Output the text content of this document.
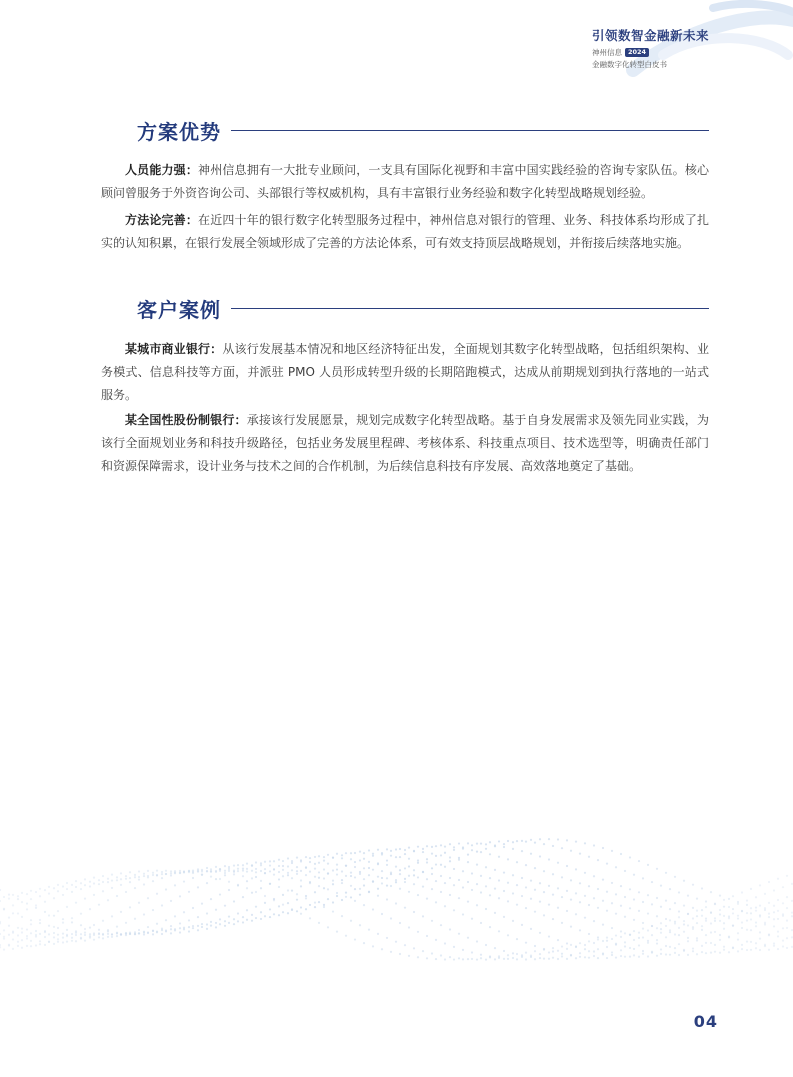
引领数智金融新未来
神州信息 2024
金融数字化转型白皮书
方案优势

人员能力强：神州信息拥有一大批专业顾问，一支具有国际化视野和丰富中国实践经验的咨询专家队伍。核心顾问曾服务于外资咨询公司、头部银行等权威机构，具有丰富银行业务经验和数字化转型战略规划经验。

方法论完善：在近四十年的银行数字化转型服务过程中，神州信息对银行的管理、业务、科技体系均形成了扎实的认知积累，在银行发展全领域形成了完善的方法论体系，可有效支持顶层战略规划，并衔接后续落地实施。

客户案例

某城市商业银行：从该行发展基本情况和地区经济特征出发，全面规划其数字化转型战略，包括组织架构、业务模式、信息科技等方面，并派驻 PMO 人员形成转型升级的长期陪跑模式，达成从前期规划到执行落地的一站式服务。

某全国性股份制银行：承接该行发展愿景，规划完成数字化转型战略。基于自身发展需求及领先同业实践，为该行全面规划业务和科技升级路径，包括业务发展里程碑、考核体系、科技重点项目、技术选型等，明确责任部门和资源保障需求，设计业务与技术之间的合作机制，为后续信息科技有序发展、高效落地奠定了基础。

04
